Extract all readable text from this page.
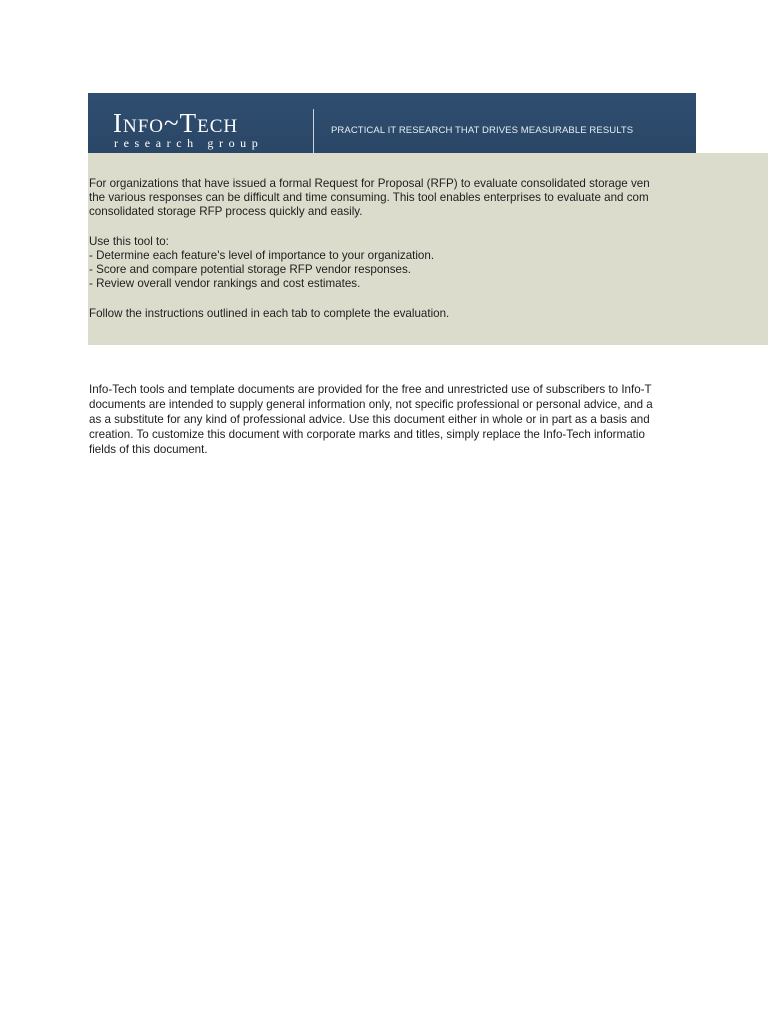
Info~Tech
research group
PRACTICAL IT RESEARCH THAT DRIVES MEASURABLE RESULTS
For organizations that have issued a formal Request for Proposal (RFP) to evaluate consolidated storage ven
the various responses can be difficult and time consuming. This tool enables enterprises to evaluate and com
consolidated storage RFP process quickly and easily.
Use this tool to:
- Determine each feature's level of importance to your organization.
- Score and compare potential storage RFP vendor responses.
- Review overall vendor rankings and cost estimates.
Follow the instructions outlined in each tab to complete the evaluation.
Info-Tech tools and template documents are provided for the free and unrestricted use of subscribers to Info-T
documents are intended to supply general information only, not specific professional or personal advice, and a
as a substitute for any kind of professional advice. Use this document either in whole or in part as a basis and
creation. To customize this document with corporate marks and titles, simply replace the Info-Tech informatio
fields of this document.
